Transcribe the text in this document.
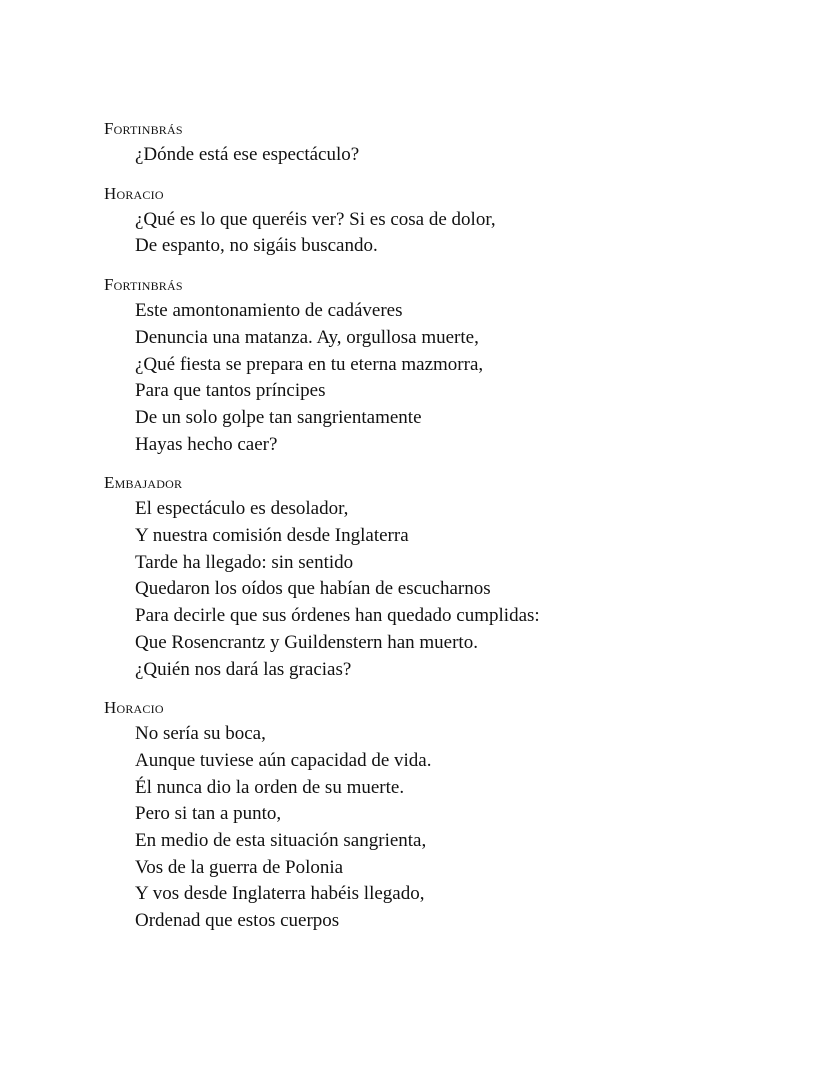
Fortinbrás
¿Dónde está ese espectáculo?
Horacio
¿Qué es lo que queréis ver? Si es cosa de dolor,
De espanto, no sigáis buscando.
Fortinbrás
Este amontonamiento de cadáveres
Denuncia una matanza. Ay, orgullosa muerte,
¿Qué fiesta se prepara en tu eterna mazmorra,
Para que tantos príncipes
De un solo golpe tan sangrientamente
Hayas hecho caer?
Embajador
El espectáculo es desolador,
Y nuestra comisión desde Inglaterra
Tarde ha llegado: sin sentido
Quedaron los oídos que habían de escucharnos
Para decirle que sus órdenes han quedado cumplidas:
Que Rosencrantz y Guildenstern han muerto.
¿Quién nos dará las gracias?
Horacio
No sería su boca,
Aunque tuviese aún capacidad de vida.
Él nunca dio la orden de su muerte.
Pero si tan a punto,
En medio de esta situación sangrienta,
Vos de la guerra de Polonia
Y vos desde Inglaterra habéis llegado,
Ordenad que estos cuerpos
